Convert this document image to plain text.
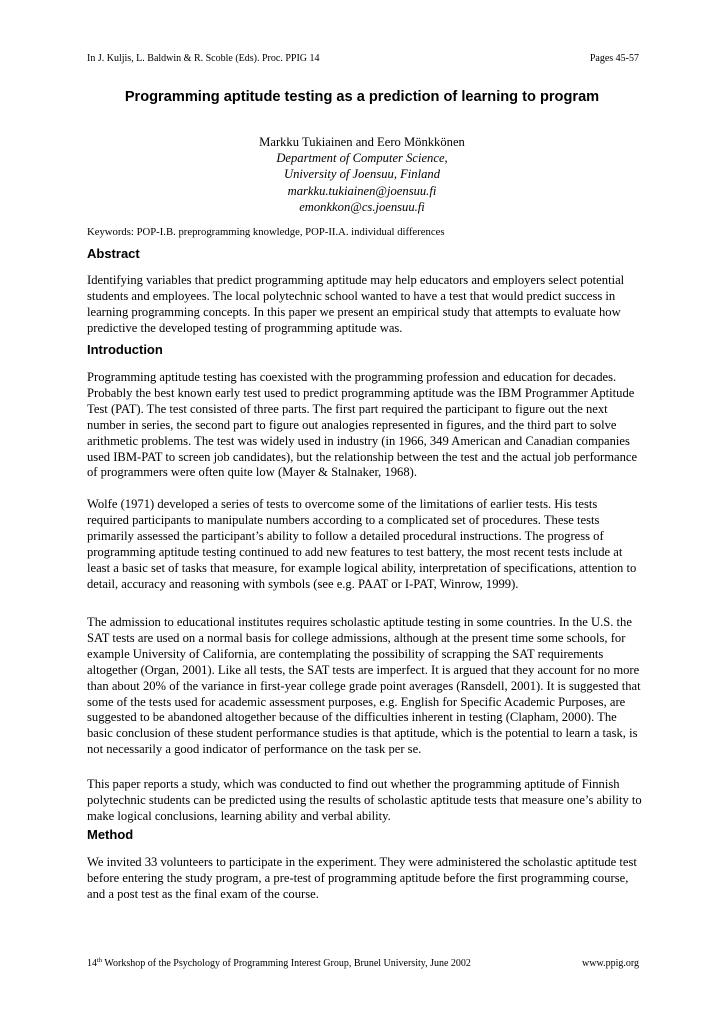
In J. Kuljis, L. Baldwin & R. Scoble (Eds). Proc. PPIG 14	Pages 45-57
Programming aptitude testing as a prediction of learning to program
Markku Tukiainen and Eero Mönkkönen
Department of Computer Science,
University of Joensuu, Finland
markku.tukiainen@joensuu.fi
emonkkon@cs.joensuu.fi
Keywords: POP-I.B. preprogramming knowledge, POP-II.A. individual differences
Abstract
Identifying variables that predict programming aptitude may help educators and employers select potential students and employees. The local polytechnic school wanted to have a test that would predict success in learning programming concepts. In this paper we present an empirical study that attempts to evaluate how predictive the developed testing of programming aptitude was.
Introduction
Programming aptitude testing has coexisted with the programming profession and education for decades. Probably the best known early test used to predict programming aptitude was the IBM Programmer Aptitude Test (PAT). The test consisted of three parts. The first part required the participant to figure out the next number in series, the second part to figure out analogies represented in figures, and the third part to solve arithmetic problems. The test was widely used in industry (in 1966, 349 American and Canadian companies used IBM-PAT to screen job candidates), but the relationship between the test and the actual job performance of programmers were often quite low (Mayer & Stalnaker, 1968).
Wolfe (1971) developed a series of tests to overcome some of the limitations of earlier tests. His tests required participants to manipulate numbers according to a complicated set of procedures. These tests primarily assessed the participant’s ability to follow a detailed procedural instructions. The progress of programming aptitude testing continued to add new features to test battery, the most recent tests include at least a basic set of tasks that measure, for example logical ability, interpretation of specifications, attention to detail, accuracy and reasoning with symbols (see e.g. PAAT or I-PAT, Winrow, 1999).
The admission to educational institutes requires scholastic aptitude testing in some countries. In the U.S. the SAT tests are used on a normal basis for college admissions, although at the present time some schools, for example University of California, are contemplating the possibility of scrapping the SAT requirements altogether (Organ, 2001). Like all tests, the SAT tests are imperfect. It is argued that they account for no more than about 20% of the variance in first-year college grade point averages (Ransdell, 2001). It is suggested that some of the tests used for academic assessment purposes, e.g. English for Specific Academic Purposes, are suggested to be abandoned altogether because of the difficulties inherent in testing (Clapham, 2000). The basic conclusion of these student performance studies is that aptitude, which is the potential to learn a task, is not necessarily a good indicator of performance on the task per se.
This paper reports a study, which was conducted to find out whether the programming aptitude of Finnish polytechnic students can be predicted using the results of scholastic aptitude tests that measure one’s ability to make logical conclusions, learning ability and verbal ability.
Method
We invited 33 volunteers to participate in the experiment. They were administered the scholastic aptitude test before entering the study program, a pre-test of programming aptitude before the first programming course, and a post test as the final exam of the course.
14th Workshop of the Psychology of Programming Interest Group, Brunel University, June 2002	www.ppig.org
